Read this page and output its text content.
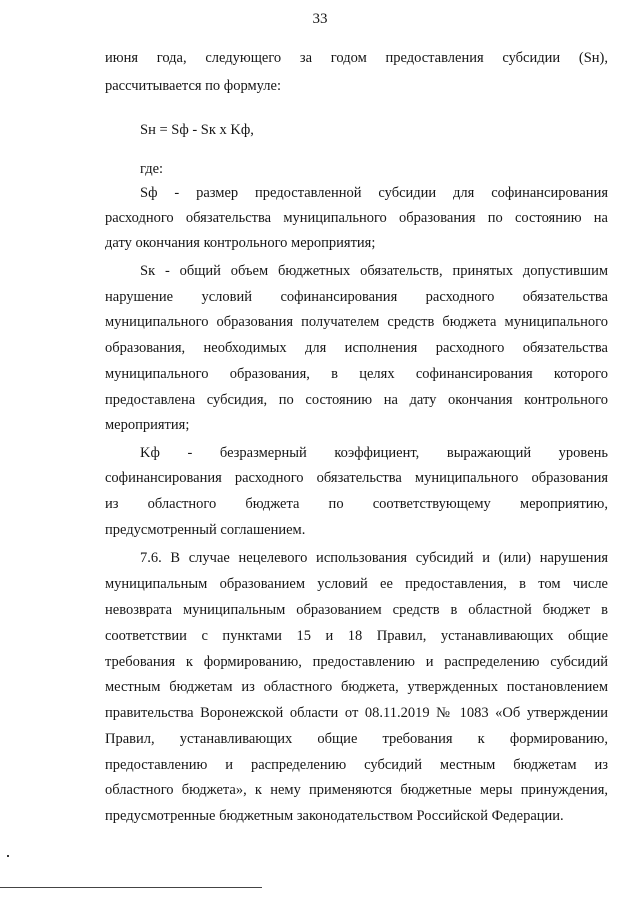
33
июня года, следующего за годом предоставления субсидии (Sн),
рассчитывается по формуле:
Sн = Sф - Sк x Kф,
где:
Sф - размер предоставленной субсидии для софинансирования
расходного обязательства муниципального образования по состоянию на
дату окончания контрольного мероприятия;
Sк - общий объем бюджетных обязательств, принятых допустившим
нарушение условий софинансирования расходного обязательства
муниципального образования получателем средств бюджета муниципального
образования, необходимых для исполнения расходного обязательства
муниципального образования, в целях софинансирования которого
предоставлена субсидия, по состоянию на дату окончания контрольного
мероприятия;
Kф - безразмерный коэффициент, выражающий уровень
софинансирования расходного обязательства муниципального образования
из областного бюджета по соответствующему мероприятию,
предусмотренный соглашением.
7.6. В случае нецелевого использования субсидий и (или) нарушения
муниципальным образованием условий ее предоставления, в том числе
невозврата муниципальным образованием средств в областной бюджет в
соответствии с пунктами 15 и 18 Правил, устанавливающих общие
требования к формированию, предоставлению и распределению субсидий
местным бюджетам из областного бюджета, утвержденных постановлением
правительства Воронежской области от 08.11.2019 № 1083 «Об утверждении
Правил, устанавливающих общие требования к формированию,
предоставлению и распределению субсидий местным бюджетам из
областного бюджета», к нему применяются бюджетные меры принуждения,
предусмотренные бюджетным законодательством Российской Федерации.
